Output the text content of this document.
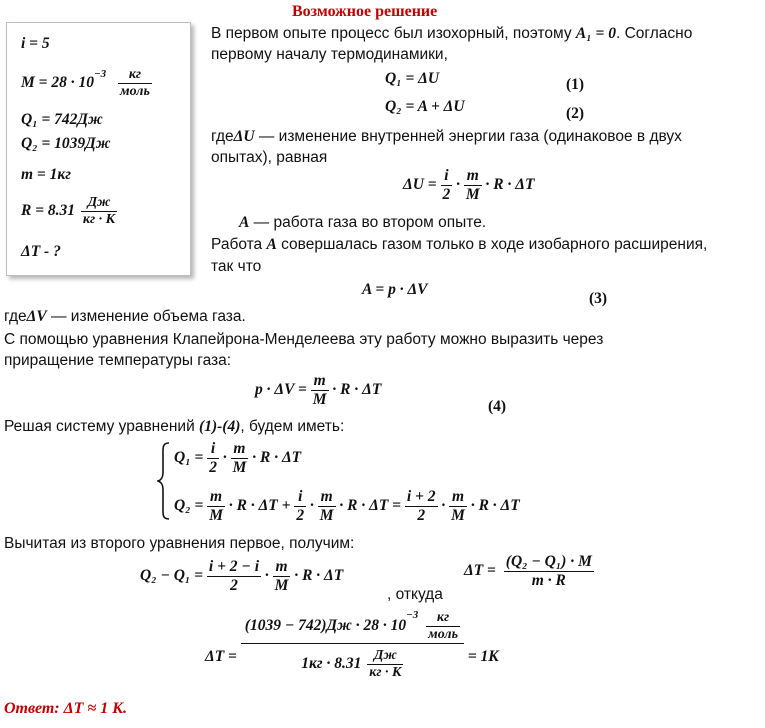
Возможное решение
i = 5
$M = 28 \cdot 10^{-3} \frac{кг}{\text{моль}}$
Q₁ = 742Дж
Q₂ = 1039Дж
m = 1кг
$R = 8.31 \frac{Дж}{кг \cdot К}$
ΔT - ?
В первом опыте процесс был изохорный, поэтому A₁ = 0. Согласно
первому началу термодинамики,
Q₁ = ΔU	(1)
Q₂ = A + ΔU	(2)
гдеΔU — изменение внутренней энергии газа (одинаковое в двух
опытах), равная
$\Delta U = \frac{i}{2} \cdot \frac{m}{M} \cdot R \cdot \Delta T$
A — работа газа во втором опыте.
Работа A совершалась газом только в ходе изобарного расширения,
так что
A = p · ΔV
(3)
гдеΔV — изменение объема газа.
С помощью уравнения Клапейрона-Менделеева эту работу можно выразить через
приращение температуры газа:
$p \cdot \Delta V = \frac{m}{M} \cdot R \cdot \Delta T$
(4)
Решая систему уравнений (1)-(4), будем иметь:
$Q_1 = \frac{i}{2} \cdot \frac{m}{M} \cdot R \cdot \Delta T$
$Q_2 = \frac{m}{M} \cdot R \cdot \Delta T + \frac{i}{2} \cdot \frac{m}{M} \cdot R \cdot \Delta T = \frac{i + 2}{2} \cdot \frac{m}{M} \cdot R \cdot \Delta T$
Вычитая из второго уравнения первое, получим:
$Q_2 - Q_1 = \frac{i + 2 - i}{2} \cdot \frac{m}{M} \cdot R \cdot \Delta T$
, откуда
$\Delta T = \frac{\text{(Q₂ − Q₁) · M}}{m \cdot R}$
ΔT =
$(1039 - 742)Дж \cdot 28 \cdot 10^{-3} \frac{кг}{\text{моль}}$
$1кг \cdot 8.31 \frac{Дж}{кг \cdot К}$	= 1К
Ответ: ΔT ≈ 1 К.
